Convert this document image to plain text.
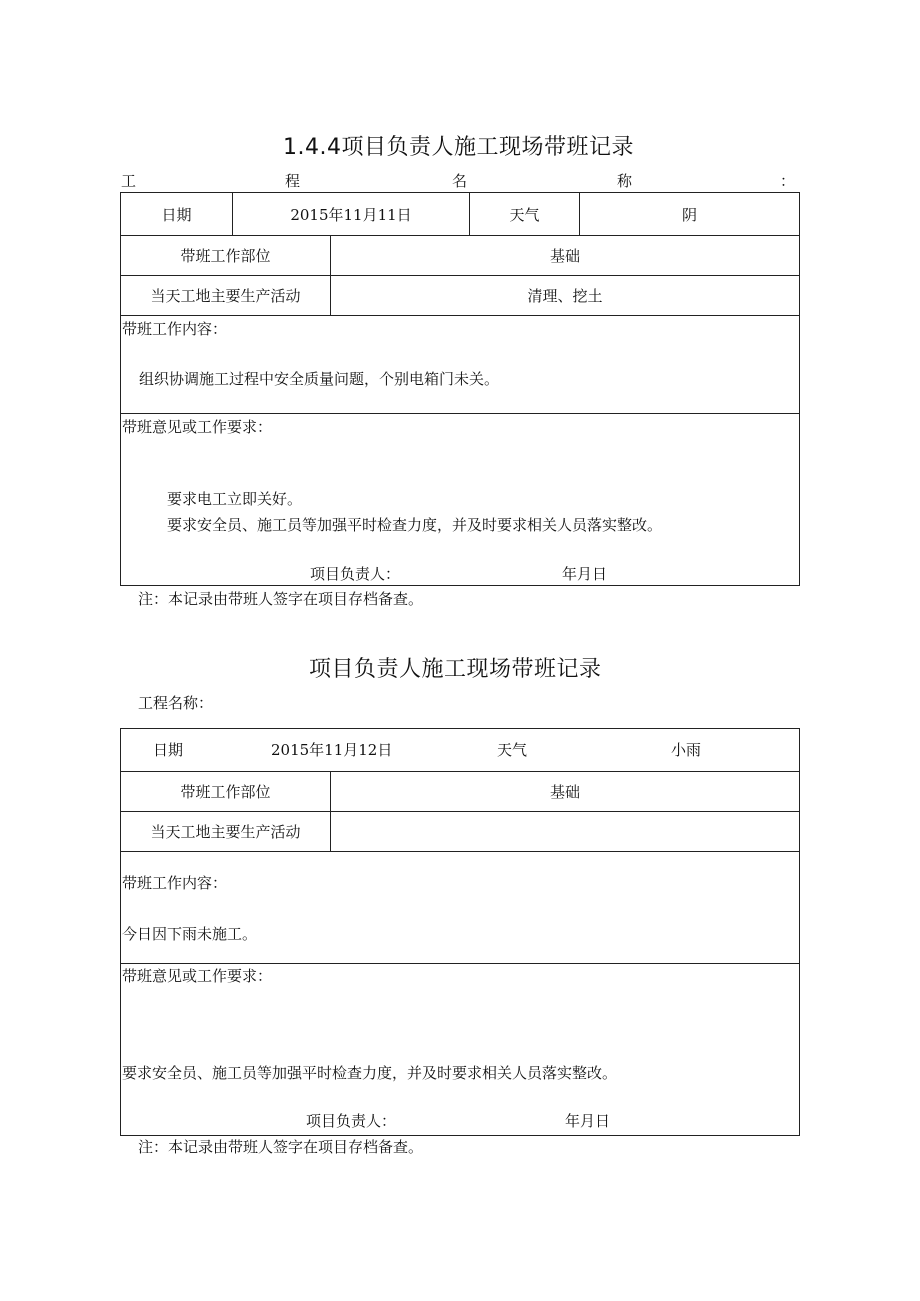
1.4.4项目负责人施工现场带班记录
工	程	名	称	：
日期	2015年11月11日	天气	阴
带班工作部位	基础
当天工地主要生产活动	清理、挖土
带班工作内容：
组织协调施工过程中安全质量问题，个别电箱门未关。
带班意见或工作要求：
要求电工立即关好。
要求安全员、施工员等加强平时检查力度，并及时要求相关人员落实整改。
项目负责人：	年月日
注：本记录由带班人签字在项目存档备查。
项目负责人施工现场带班记录
工程名称：
日期	2015年11月12日	天气	小雨
带班工作部位	基础
当天工地主要生产活动
带班工作内容：
今日因下雨未施工。
带班意见或工作要求：
要求安全员、施工员等加强平时检查力度，并及时要求相关人员落实整改。
项目负责人：	年月日
注：本记录由带班人签字在项目存档备查。
